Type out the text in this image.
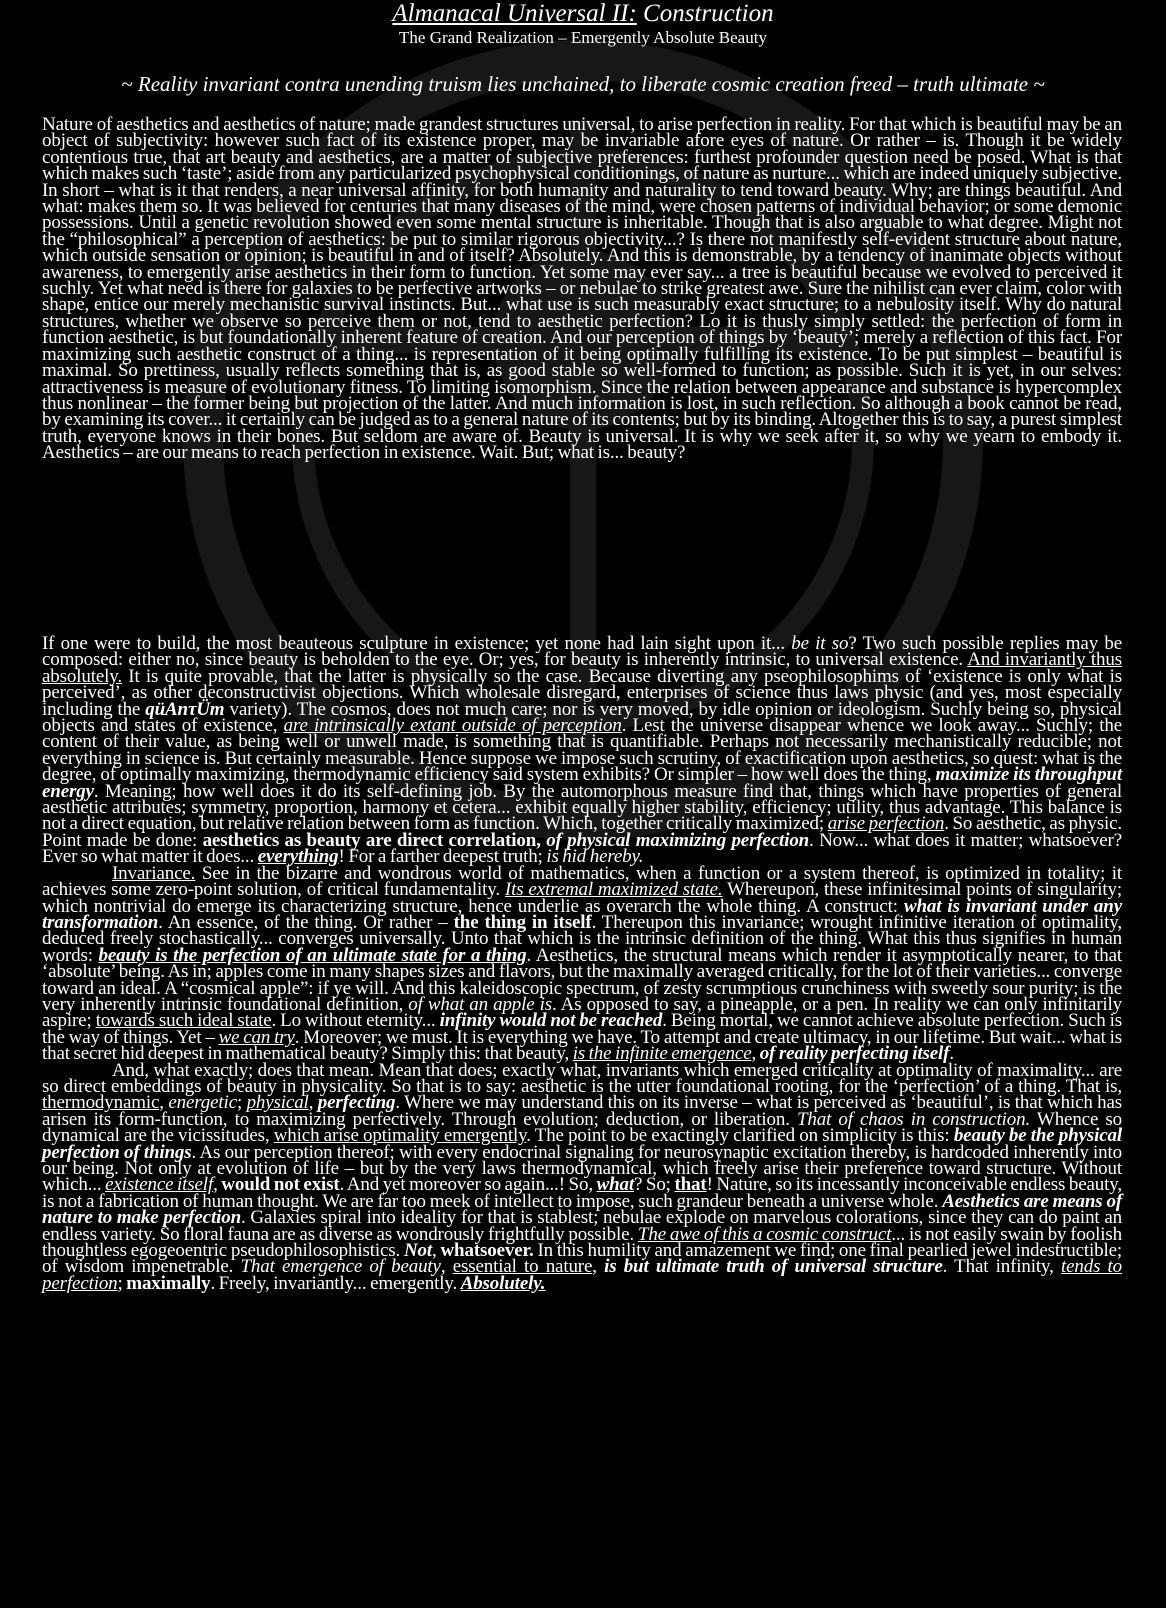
Almanacal Universal II: Construction
The Grand Realization – Emergently Absolute Beauty
~ Reality invariant contra unending truism lies unchained, to liberate cosmic creation freed – truth ultimate ~

Nature of aesthetics and aesthetics of nature; made grandest structures universal, to arise perfection in reality. For that which is beautiful may be an object of subjectivity: however such fact of its existence proper, may be invariable afore eyes of nature. Or rather – is. Though it be widely contentious true, that art beauty and aesthetics, are a matter of subjective preferences: furthest profounder question need be posed. What is that which makes such ‘taste’; aside from any particularized psychophysical conditionings, of nature as nurture... which are indeed uniquely subjective. In short – what is it that renders, a near universal affinity, for both humanity and naturality to tend toward beauty. Why; are things beautiful. And what: makes them so. It was believed for centuries that many diseases of the mind, were chosen patterns of individual behavior; or some demonic possessions. Until a genetic revolution showed even some mental structure is inheritable. Though that is also arguable to what degree. Might not the “philosophical” a perception of aesthetics: be put to similar rigorous objectivity...? Is there not manifestly self-evident structure about nature, which outside sensation or opinion; is beautiful in and of itself? Absolutely. And this is demonstrable, by a tendency of inanimate objects without awareness, to emergently arise aesthetics in their form to function. Yet some may ever say... a tree is beautiful because we evolved to perceived it suchly. Yet what need is there for galaxies to be perfective artworks – or nebulae to strike greatest awe. Sure the nihilist can ever claim, color with shape, entice our merely mechanistic survival instincts. But... what use is such measurably exact structure; to a nebulosity itself. Why do natural structures, whether we observe so perceive them or not, tend to aesthetic perfection? Lo it is thusly simply settled: the perfection of form in function aesthetic, is but foundationally inherent feature of creation. And our perception of things by ‘beauty’; merely a reflection of this fact. For maximizing such aesthetic construct of a thing... is representation of it being optimally fulfilling its existence. To be put simplest – beautiful is maximal. So prettiness, usually reflects something that is, as good stable so well-formed to function; as possible. Such it is yet, in our selves: attractiveness is measure of evolutionary fitness. To limiting isomorphism. Since the relation between appearance and substance is hypercomplex thus nonlinear – the former being but projection of the latter. And much information is lost, in such reflection. So although a book cannot be read, by examining its cover... it certainly can be judged as to a general nature of its contents; but by its binding. Altogether this is to say, a purest simplest truth, everyone knows in their bones. But seldom are aware of. Beauty is universal. It is why we seek after it, so why we yearn to embody it. Aesthetics – are our means to reach perfection in existence. Wait. But; what is... beauty?

If one were to build, the most beauteous sculpture in existence; yet none had lain sight upon it... be it so? Two such possible replies may be composed: either no, since beauty is beholden to the eye. Or; yes, for beauty is inherently intrinsic, to universal existence. And invariantly thus absolutely. It is quite provable, that the latter is physically so the case. Because diverting any pseophilosophims of ‘existence is only what is perceived’, as other deconstructivist objections. Which wholesale disregard, enterprises of science thus laws physic (and yes, most especially including the qüAnτÜm variety). The cosmos, does not much care; nor is very moved, by idle opinion or ideologism. Suchly being so, physical objects and states of existence, are intrinsically extant outside of perception. Lest the universe disappear whence we look away... Suchly; the content of their value, as being well or unwell made, is something that is quantifiable. Perhaps not necessarily mechanistically reducible; not everything in science is. But certainly measurable. Hence suppose we impose such scrutiny, of exactification upon aesthetics, so quest: what is the degree, of optimally maximizing, thermodynamic efficiency said system exhibits? Or simpler – how well does the thing, maximize its throughput energy. Meaning; how well does it do its self-defining job. By the automorphous measure find that, things which have properties of general aesthetic attributes; symmetry, proportion, harmony et cetera... exhibit equally higher stability, efficiency; utility, thus advantage. This balance is not a direct equation, but relative relation between form as function. Which, together critically maximized; arise perfection. So aesthetic, as physic. Point made be done: aesthetics as beauty are direct correlation, of physical maximizing perfection. Now... what does it matter; whatsoever? Ever so what matter it does... everything! For a farther deepest truth; is hid hereby.

Invariance. See in the bizarre and wondrous world of mathematics, when a function or a system thereof, is optimized in totality; it achieves some zero-point solution, of critical fundamentality. Its extremal maximized state. Whereupon, these infinitesimal points of singularity; which nontrivial do emerge its characterizing structure, hence underlie as overarch the whole thing. A construct: what is invariant under any transformation. An essence, of the thing. Or rather – the thing in itself. Thereupon this invariance; wrought infinitive iteration of optimality, deduced freely stochastically... converges universally. Unto that which is the intrinsic definition of the thing. What this thus signifies in human words: beauty is the perfection of an ultimate state for a thing. Aesthetics, the structural means which render it asymptotically nearer, to that ‘absolute’ being. As in; apples come in many shapes sizes and flavors, but the maximally averaged critically, for the lot of their varieties... converge toward an ideal. A “cosmical apple”: if ye will. And this kaleidoscopic spectrum, of zesty scrumptious crunchiness with sweetly sour purity; is the very inherently intrinsic foundational definition, of what an apple is. As opposed to say, a pineapple, or a pen. In reality we can only infinitarily aspire; towards such ideal state. Lo without eternity... infinity would not be reached. Being mortal, we cannot achieve absolute perfection. Such is the way of things. Yet – we can try. Moreover; we must. It is everything we have. To attempt and create ultimacy, in our lifetime. But wait... what is that secret hid deepest in mathematical beauty? Simply this: that beauty, is the infinite emergence, of reality perfecting itself.

And, what exactly; does that mean. Mean that does; exactly what, invariants which emerged criticality at optimality of maximality... are so direct embeddings of beauty in physicality. So that is to say: aesthetic is the utter foundational rooting, for the ‘perfection’ of a thing. That is, thermodynamic, energetic; physical, perfecting. Where we may understand this on its inverse – what is perceived as ‘beautiful’, is that which has arisen its form-function, to maximizing perfectively. Through evolution; deduction, or liberation. That of chaos in construction. Whence so dynamical are the vicissitudes, which arise optimality emergently. The point to be exactingly clarified on simplicity is this: beauty be the physical perfection of things. As our perception thereof; with every endocrinal signaling for neurosynaptic excitation thereby, is hardcoded inherently into our being. Not only at evolution of life – but by the very laws thermodynamical, which freely arise their preference toward structure. Without which... existence itself, would not exist. And yet moreover so again...! So, what? So; that! Nature, so its incessantly inconceivable endless beauty, is not a fabrication of human thought. We are far too meek of intellect to impose, such grandeur beneath a universe whole. Aesthetics are means of nature to make perfection. Galaxies spiral into ideality for that is stablest; nebulae explode on marvelous colorations, since they can do paint an endless variety. So floral fauna are as diverse as wondrously frightfully possible. The awe of this a cosmic construct... is not easily swain by foolish thoughtless egogeoentric pseudophilosophistics. Not, whatsoever. In this humility and amazement we find; one final pearlied jewel indestructible; of wisdom impenetrable. That emergence of beauty, essential to nature, is but ultimate truth of universal structure. That infinity, tends to perfection; maximally. Freely, invariantly... emergently. Absolutely.
